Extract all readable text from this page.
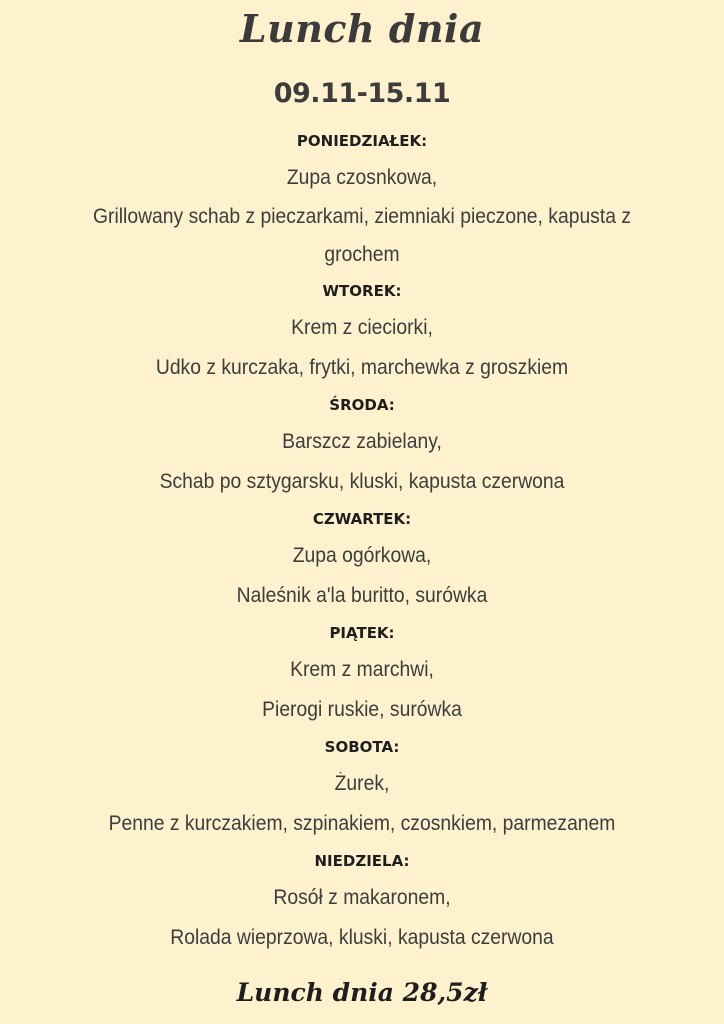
Lunch dnia
09.11-15.11
PONIEDZIAŁEK:
Zupa czosnkowa,
Grillowany schab z pieczarkami, ziemniaki pieczone, kapusta z grochem
WTOREK:
Krem z cieciorki,
Udko z kurczaka, frytki, marchewka z groszkiem
ŚRODA:
Barszcz zabielany,
Schab po sztygarsku, kluski, kapusta czerwona
CZWARTEK:
Zupa ogórkowa,
Naleśnik a'la buritto, surówka
PIĄTEK:
Krem z marchwi,
Pierogi ruskie, surówka
SOBOTA:
Żurek,
Penne z kurczakiem, szpinakiem, czosnkiem, parmezanem
NIEDZIELA:
Rosół z makaronem,
Rolada wieprzowa, kluski, kapusta czerwona
Lunch dnia 28,5zł
